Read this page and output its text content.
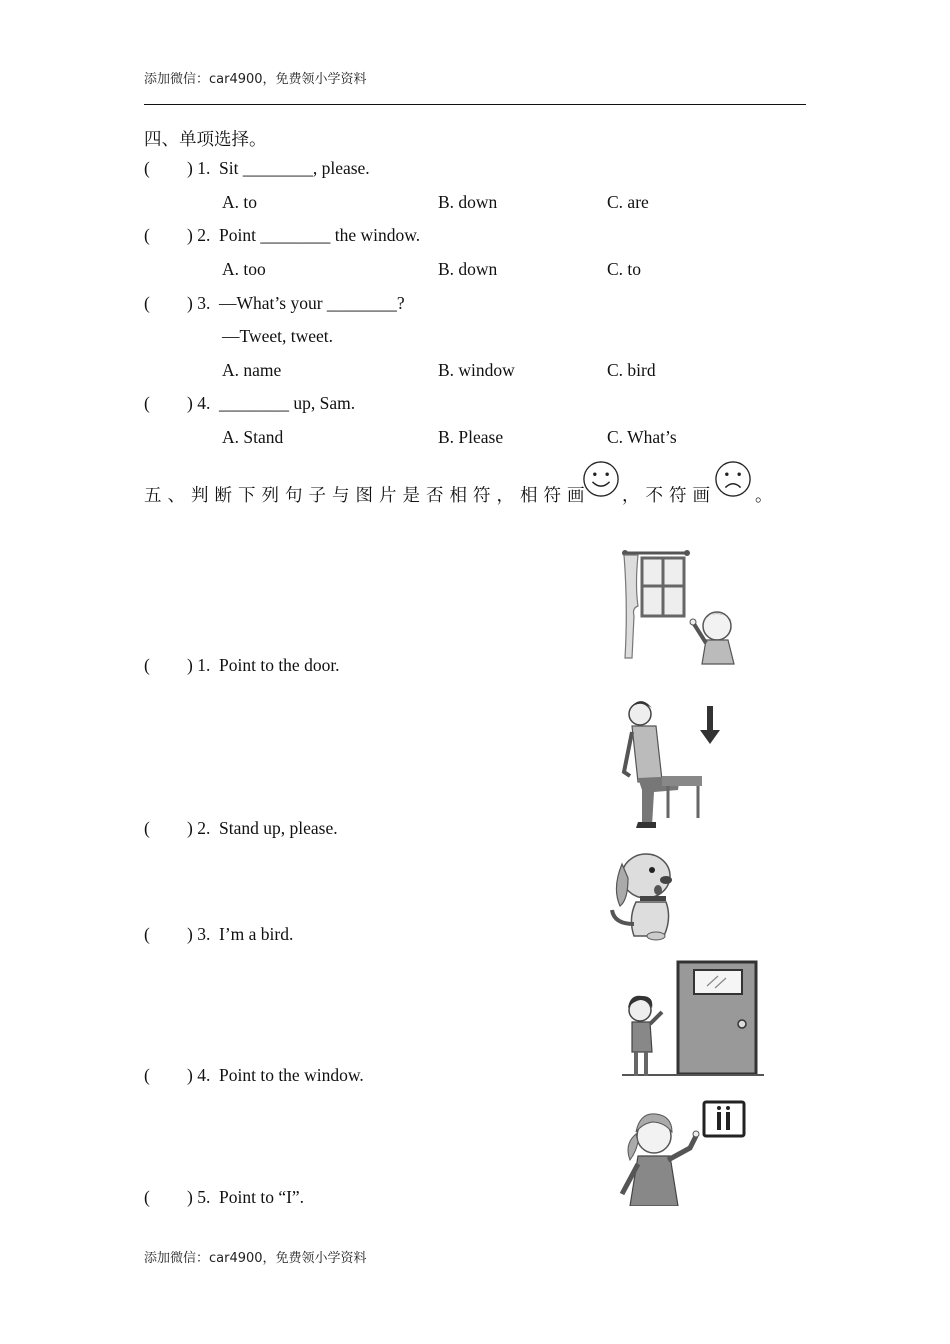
添加微信：car4900，免费领小学资料
四、单项选择。
( ) 1. Sit ________, please.
A. to	B. down	C. are
( ) 2. Point ________ the window.
A. too	B. down	C. to
( ) 3. —What’s your ________?
—Tweet, tweet.
A. name	B. window	C. bird
( ) 4. ________ up, Sam.
A. Stand	B. Please	C. What’s
五、判断下列句子与图片是否相符，相符画 ，不符画 。
( ) 1. Point to the door.
( ) 2. Stand up, please.
( ) 3. I’m a bird.
( ) 4. Point to the window.
( ) 5. Point to “I”.
添加微信：car4900，免费领小学资料
